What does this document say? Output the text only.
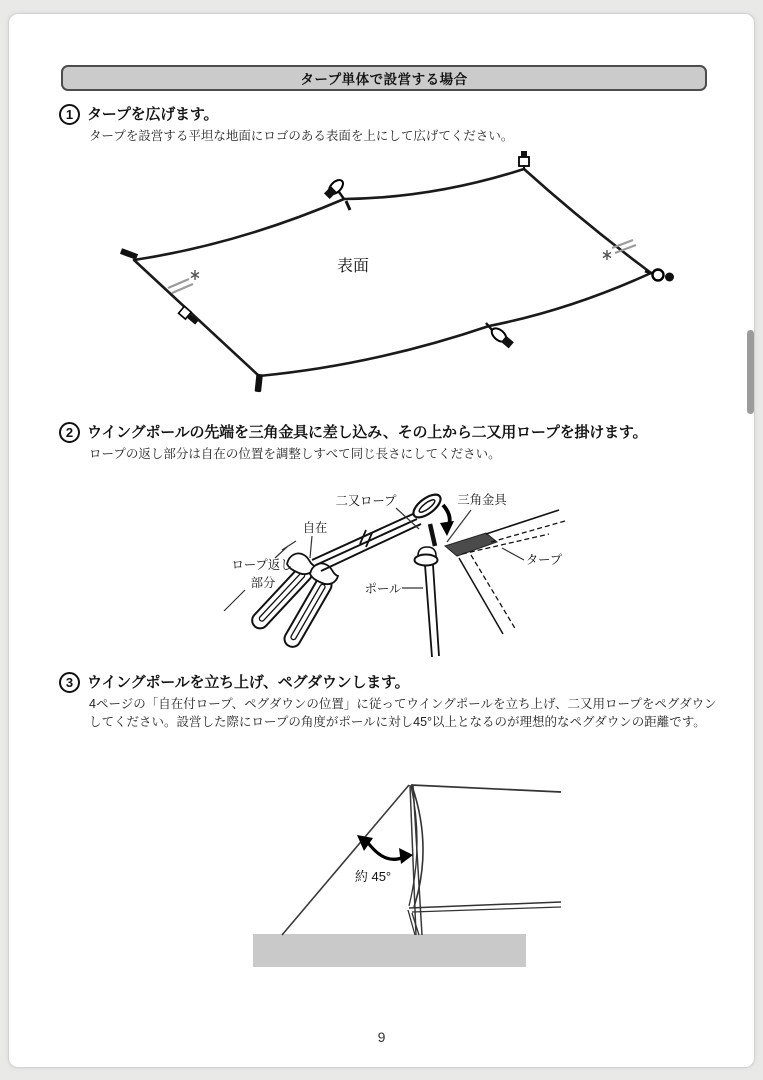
タープ単体で設営する場合
1 タープを広げます。
タープを設営する平坦な地面にロゴのある表面を上にして広げてください。
表面
2 ウイングポールの先端を三角金具に差し込み、その上から二又用ロープを掛けます。
ロープの返し部分は自在の位置を調整しすべて同じ長さにしてください。
二又ロープ	三角金具
自在
ロープ返し
部分	ポール
タープ
3 ウイングポールを立ち上げ、ペグダウンします。
4ページの「自在付ロープ、ペグダウンの位置」に従ってウイングポールを立ち上げ、二又用ロープをペグダウンしてください。設営した際にロープの角度がポールに対し45°以上となるのが理想的なペグダウンの距離です。
約 45°
9
